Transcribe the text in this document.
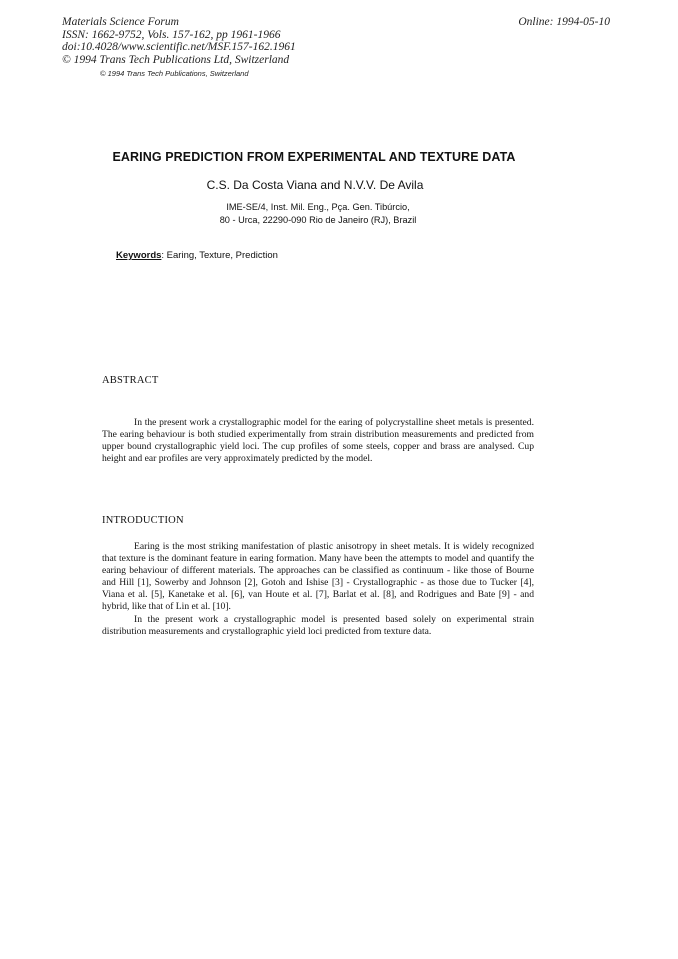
Materials Science Forum
ISSN: 1662-9752, Vols. 157-162, pp 1961-1966
doi:10.4028/www.scientific.net/MSF.157-162.1961
© 1994 Trans Tech Publications Ltd, Switzerland
Online: 1994-05-10
© 1994 Trans Tech Publications, Switzerland
EARING PREDICTION FROM EXPERIMENTAL AND TEXTURE DATA
C.S. Da Costa Viana and N.V.V. De Avila
IME-SE/4, Inst. Mil. Eng., Pça. Gen. Tibúrcio,
80 - Urca, 22290-090 Rio de Janeiro (RJ), Brazil
Keywords: Earing, Texture, Prediction
ABSTRACT

In the present work a crystallographic model for the earing of polycrystalline sheet metals is presented. The earing behaviour is both studied experimentally from strain distribution measurements and predicted from upper bound crystallographic yield loci. The cup profiles of some steels, copper and brass are analysed. Cup height and ear profiles are very approximately predicted by the model.

INTRODUCTION

Earing is the most striking manifestation of plastic anisotropy in sheet metals. It is widely recognized that texture is the dominant feature in earing formation. Many have been the attempts to model and quantify the earing behaviour of different materials. The approaches can be classified as continuum - like those of Bourne and Hill [1], Sowerby and Johnson [2], Gotoh and Ishise [3] - Crystallographic - as those due to Tucker [4], Viana et al. [5], Kanetake et al. [6], van Houte et al. [7], Barlat et al. [8], and Rodrigues and Bate [9] - and hybrid, like that of Lin et al. [10].

In the present work a crystallographic model is presented based solely on experimental strain distribution measurements and crystallographic yield loci predicted from texture data.
